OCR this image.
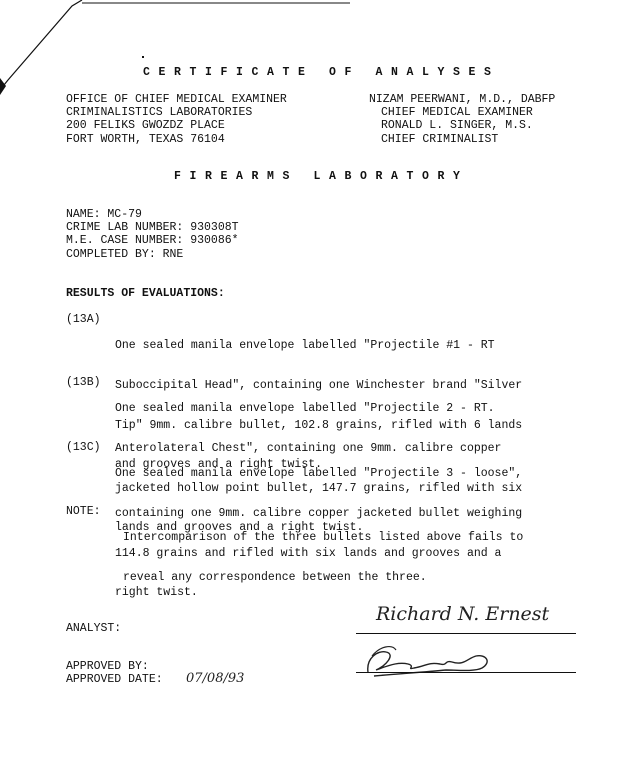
CERTIFICATE OF ANALYSES
OFFICE OF CHIEF MEDICAL EXAMINER
CRIMINALISTICS LABORATORIES
200 FELIKS GWOZDZ PLACE
FORT WORTH, TEXAS 76104
NIZAM PEERWANI, M.D., DABFP
CHIEF MEDICAL EXAMINER
RONALD L. SINGER, M.S.
CHIEF CRIMINALIST
FIREARMS LABORATORY
NAME: MC-79
CRIME LAB NUMBER: 930308T
M.E. CASE NUMBER: 930086*
COMPLETED BY: RNE
RESULTS OF EVALUATIONS:
(13A)

One sealed manila envelope labelled "Projectile #1 - RT

Suboccipital Head", containing one Winchester brand "Silver

Tip" 9mm. calibre bullet, 102.8 grains, rifled with 6 lands

and grooves and a right twist.

(13B)

One sealed manila envelope labelled "Projectile 2 - RT.

Anterolateral Chest", containing one 9mm. calibre copper

jacketed hollow point bullet, 147.7 grains, rifled with six

lands and grooves and a right twist.

(13C)

One sealed manila envelope labelled "Projectile 3 - loose",

containing one 9mm. calibre copper jacketed bullet weighing

114.8 grains and rifled with six lands and grooves and a

right twist.

NOTE:

Intercomparison of the three bullets listed above fails to

reveal any correspondence between the three.

ANALYST:
Richard N. Ernest
APPROVED BY:
APPROVED DATE: 07/08/93
